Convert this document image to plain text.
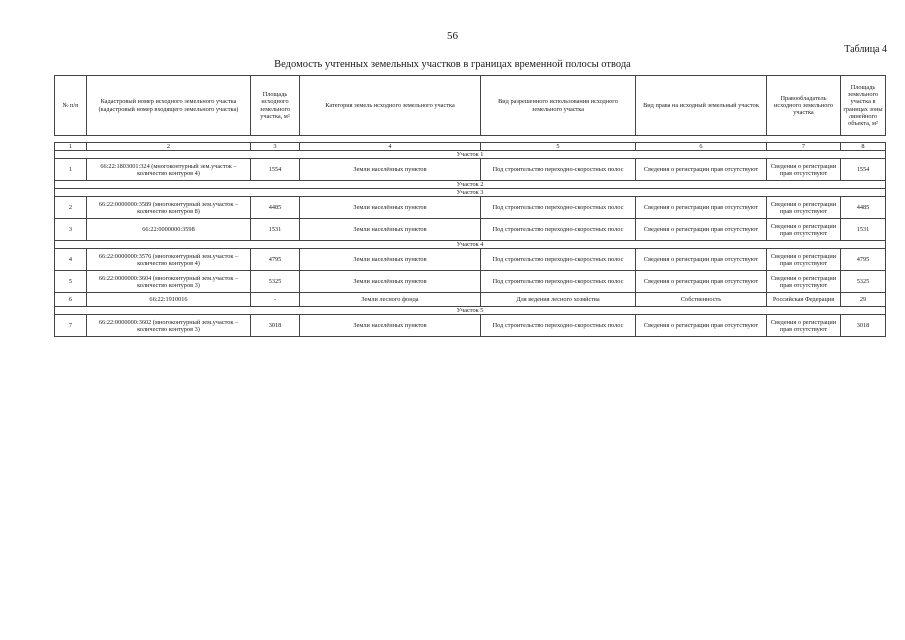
56
Таблица 4
Ведомость учтенных земельных участков в границах временной полосы отвода
№ п/п	Кадастровый номер исходного земельного участка (кадастровый номер входящего земельного участка)	Площадь исходного земельного участка, м²	Категория земель исходного земельного участка	Вид разрешенного использования исходного земельного участка	Вид права на исходный земельный участок	Правообладатель исходного земельного участка	Площадь земельного участка в границах зоны линейного объекта, м²

1	2	3	4	5	6	7	8
Участок 1							
1	66:22:1803001:324 (многоконтурный зем.участок – количество контуров 4)	1554	Земли населённых пунктов	Под строительство переходно-скоростных полос	Сведения о регистрации прав отсутствуют	Сведения о регистрации прав отсутствуют	1554
Участок 2							
Участок 3							
2	66:22:0000000:3589 (многоконтурный зем.участок – количество контуров 8)	4485	Земли населённых пунктов	Под строительство переходно-скоростных полос	Сведения о регистрации прав отсутствуют	Сведения о регистрации прав отсутствуют	4485
3	66:22:0000000:3598	1531	Земли населённых пунктов	Под строительство переходно-скоростных полос	Сведения о регистрации прав отсутствуют	Сведения о регистрации прав отсутствуют	1531
Участок 4							
4	66:22:0000000:3576 (многоконтурный зем.участок – количество контуров 4)	4795	Земли населённых пунктов	Под строительство переходно-скоростных полос	Сведения о регистрации прав отсутствуют	Сведения о регистрации прав отсутствуют	4795
5	66:22:0000000:3604 (многоконтурный зем.участок – количество контуров 3)	5325	Земли населённых пунктов	Под строительство переходно-скоростных полос	Сведения о регистрации прав отсутствуют	Сведения о регистрации прав отсутствуют	5325
6	66:22:1910016	-	Земли лесного фонда	Для ведения лесного хозяйства	Собственность	Российская Федерация	29
Участок 5							
7	66:22:0000000:3602 (многоконтурный зем.участок – количество контуров 3)	3018	Земли населённых пунктов	Под строительство переходно-скоростных полос	Сведения о регистрации прав отсутствуют	Сведения о регистрации прав отсутствуют	3018
